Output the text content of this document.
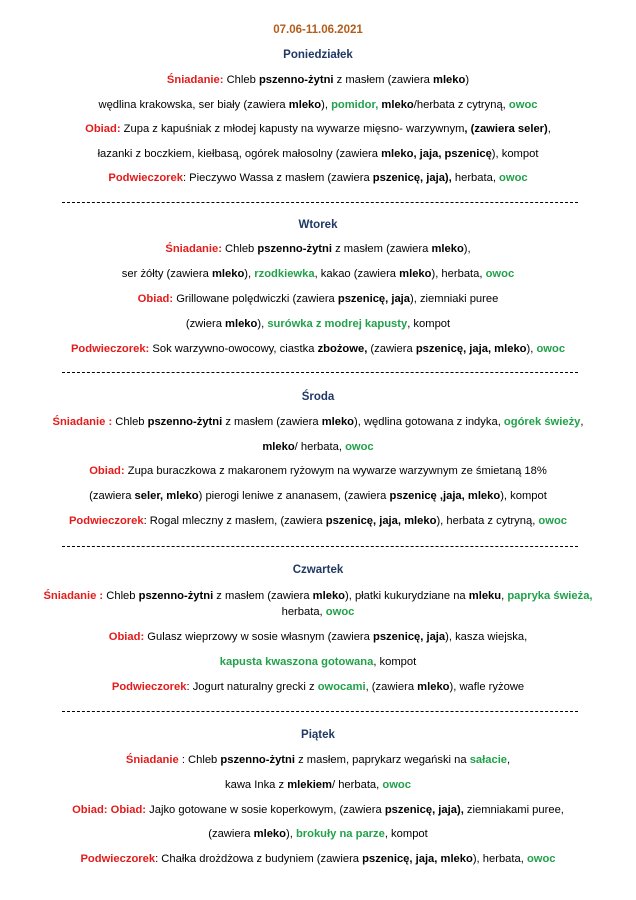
07.06-11.06.2021
Poniedziałek
Śniadanie: Chleb pszenno-żytni z masłem (zawiera mleko)
wędlina krakowska, ser biały (zawiera mleko), pomidor, mleko/herbata z cytryną, owoc
Obiad: Zupa z kapuśniak z młodej kapusty na wywarze mięsno- warzywnym, (zawiera seler),
łazanki z boczkiem, kiełbasą, ogórek małosolny (zawiera mleko, jaja, pszenicę), kompot
Podwieczorek: Pieczywo Wassa z masłem (zawiera pszenicę, jaja), herbata, owoc
Wtorek
Śniadanie: Chleb pszenno-żytni z masłem (zawiera mleko),
ser żółty (zawiera mleko), rzodkiewka, kakao (zawiera mleko), herbata, owoc
Obiad: Grillowane polędwiczki (zawiera pszenicę, jaja), ziemniaki puree
(zwiera mleko), surówka z modrej kapusty, kompot
Podwieczorek: Sok warzywno-owocowy, ciastka zbożowe, (zawiera pszenicę, jaja, mleko), owoc
Środa
Śniadanie : Chleb pszenno-żytni z masłem (zawiera mleko), wędlina gotowana z indyka, ogórek świeży,
mleko/ herbata, owoc
Obiad: Zupa buraczkowa z makaronem ryżowym na wywarze warzywnym ze śmietaną 18%
(zawiera seler, mleko) pierogi leniwe z ananasem, (zawiera pszenicę ,jaja, mleko), kompot
Podwieczorek: Rogal mleczny z masłem, (zawiera pszenicę, jaja, mleko), herbata z cytryną, owoc
Czwartek
Śniadanie : Chleb pszenno-żytni z masłem (zawiera mleko), płatki kukurydziane na mleku, papryka świeża,
herbata, owoc
Obiad: Gulasz wieprzowy w sosie własnym (zawiera pszenicę, jaja), kasza wiejska,
kapusta kwaszona gotowana, kompot
Podwieczorek: Jogurt naturalny grecki z owocami, (zawiera mleko), wafle ryżowe
Piątek
Śniadanie : Chleb pszenno-żytni z masłem, paprykarz wegański na sałacie,
kawa Inka z mlekiem/ herbata, owoc
Obiad: Obiad: Jajko gotowane w sosie koperkowym, (zawiera pszenicę, jaja), ziemniakami puree,
(zawiera mleko), brokuły na parze, kompot
Podwieczorek: Chałka drożdżowa z budyniem (zawiera pszenicę, jaja, mleko), herbata, owoc
